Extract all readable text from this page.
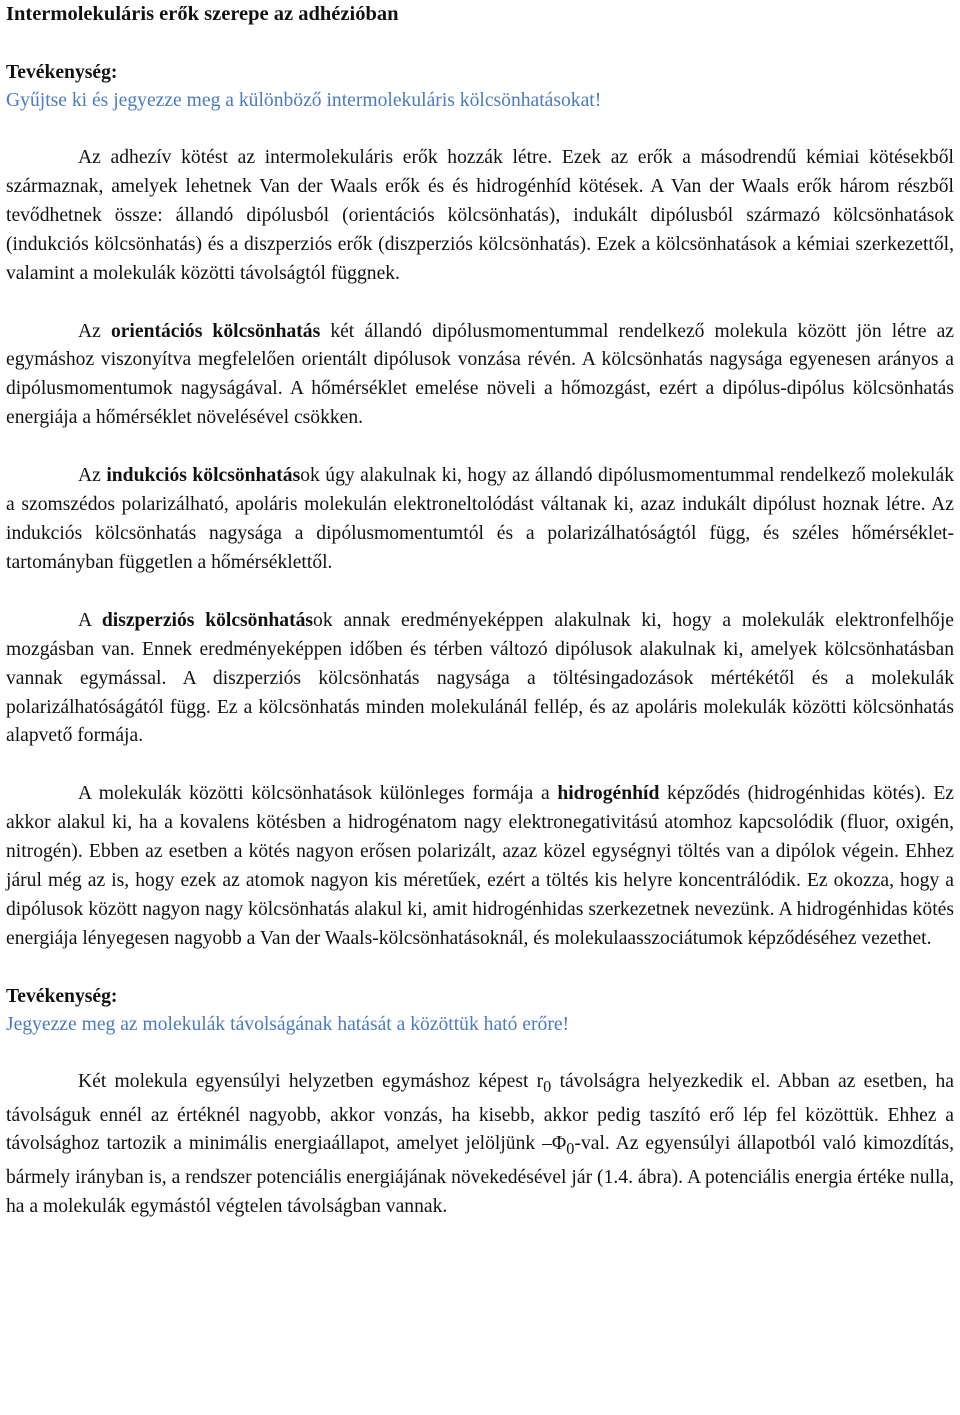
Intermolekuláris erők szerepe az adhézióban

Tevékenység:

Gyűjtse ki és jegyezze meg a különböző intermolekuláris kölcsönhatásokat!

Az adhezív kötést az intermolekuláris erők hozzák létre. Ezek az erők a másodrendű kémiai kötésekből származnak, amelyek lehetnek Van der Waals erők és és hidrogénhíd kötések. A Van der Waals erők három részből tevődhetnek össze: állandó dipólusból (orientációs kölcsönhatás), indukált dipólusból származó kölcsönhatások (indukciós kölcsönhatás) és a diszperziós erők (diszperziós kölcsönhatás). Ezek a kölcsönhatások a kémiai szerkezettől, valamint a molekulák közötti távolságtól függnek.

Az orientációs kölcsönhatás két állandó dipólusmomentummal rendelkező molekula között jön létre az egymáshoz viszonyítva megfelelően orientált dipólusok vonzása révén. A kölcsönhatás nagysága egyenesen arányos a dipólusmomentumok nagyságával. A hőmérséklet emelése növeli a hőmozgást, ezért a dipólus-dipólus kölcsönhatás energiája a hőmérséklet növelésével csökken.

Az indukciós kölcsönhatások úgy alakulnak ki, hogy az állandó dipólusmomentummal rendelkező molekulák a szomszédos polarizálható, apoláris molekulán elektroneltolódást váltanak ki, azaz indukált dipólust hoznak létre. Az indukciós kölcsönhatás nagysága a dipólusmomentumtól és a polarizálhatóságtól függ, és széles hőmérséklet-tartományban független a hőmérséklettől.

A diszperziós kölcsönhatások annak eredményeképpen alakulnak ki, hogy a molekulák elektronfelhője mozgásban van. Ennek eredményeképpen időben és térben változó dipólusok alakulnak ki, amelyek kölcsönhatásban vannak egymással. A diszperziós kölcsönhatás nagysága a töltésingadozások mértékétől és a molekulák polarizálhatóságától függ. Ez a kölcsönhatás minden molekulánál fellép, és az apoláris molekulák közötti kölcsönhatás alapvető formája.

A molekulák közötti kölcsönhatások különleges formája a hidrogénhíd képződés (hidrogénhidas kötés). Ez akkor alakul ki, ha a kovalens kötésben a hidrogénatom nagy elektronegativitású atomhoz kapcsolódik (fluor, oxigén, nitrogén). Ebben az esetben a kötés nagyon erősen polarizált, azaz közel egységnyi töltés van a dipólok végein. Ehhez járul még az is, hogy ezek az atomok nagyon kis méretűek, ezért a töltés kis helyre koncentrálódik. Ez okozza, hogy a dipólusok között nagyon nagy kölcsönhatás alakul ki, amit hidrogénhidas szerkezetnek nevezünk. A hidrogénhidas kötés energiája lényegesen nagyobb a Van der Waals-kölcsönhatásoknál, és molekulaasszociátumok képződéséhez vezethet.

Tevékenység:

Jegyezze meg az molekulák távolságának hatását a közöttük ható erőre!

Két molekula egyensúlyi helyzetben egymáshoz képest $r_0$ távolságra helyezkedik el. Abban az esetben, ha távolságuk ennél az értéknél nagyobb, akkor vonzás, ha kisebb, akkor pedig taszító erő lép fel közöttük. Ehhez a távolsághoz tartozik a minimális energiaállapot, amelyet jelöljünk $-\Phi_0$-val. Az egyensúlyi állapotból való kimozdítás, bármely irányban is, a rendszer potenciális energiájának növekedésével jár (1.4. ábra). A potenciális energia értéke nulla, ha a molekulák egymástól végtelen távolságban vannak.
